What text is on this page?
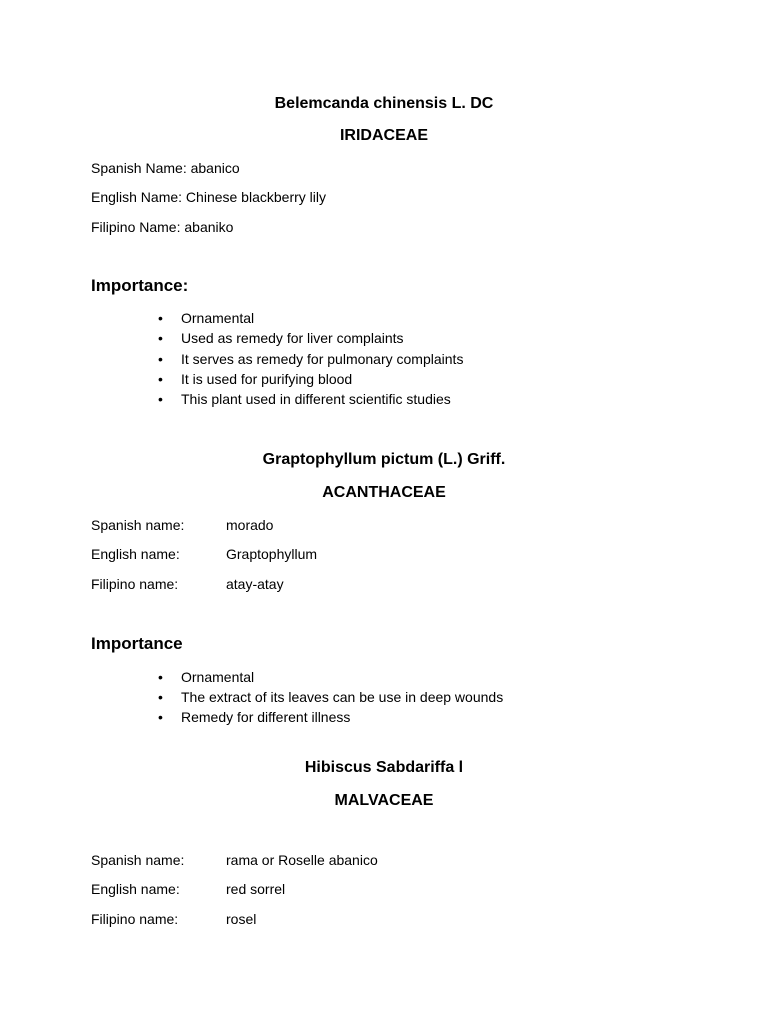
Belemcanda chinensis L. DC
IRIDACEAE
Spanish Name: abanico
English Name: Chinese blackberry lily
Filipino Name: abaniko
Importance:
• Ornamental
• Used as remedy for liver complaints
• It serves as remedy for pulmonary complaints
• It is used for purifying blood
• This plant used in different scientific studies
Graptophyllum pictum (L.) Griff.
ACANTHACEAE
Spanish name:	morado
English name:	Graptophyllum
Filipino name:	atay-atay
Importance
• Ornamental
• The extract of its leaves can be use in deep wounds
• Remedy for different illness
Hibiscus Sabdariffa l
MALVACEAE
Spanish name:	rama or Roselle abanico
English name:	red sorrel
Filipino name:	rosel
